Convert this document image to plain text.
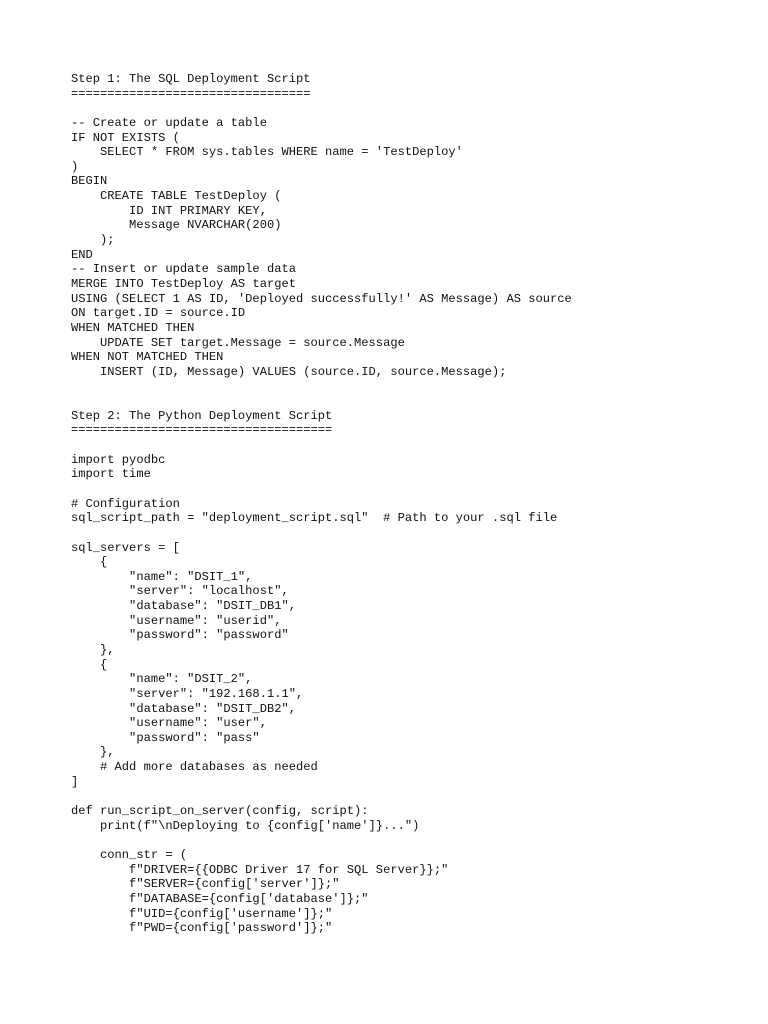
Step 1: The SQL Deployment Script
=================================
-- Create or update a table
IF NOT EXISTS (
SELECT * FROM sys.tables WHERE name = 'TestDeploy'
)
BEGIN
CREATE TABLE TestDeploy (
ID INT PRIMARY KEY,
Message NVARCHAR(200)
);
END
-- Insert or update sample data
MERGE INTO TestDeploy AS target
USING (SELECT 1 AS ID, 'Deployed successfully!' AS Message) AS source
ON target.ID = source.ID
WHEN MATCHED THEN
UPDATE SET target.Message = source.Message
WHEN NOT MATCHED THEN
INSERT (ID, Message) VALUES (source.ID, source.Message);
Step 2: The Python Deployment Script
====================================
import pyodbc
import time
# Configuration
sql_script_path = "deployment_script.sql"  # Path to your .sql file
sql_servers = [
{
"name": "DSIT_1",
"server": "localhost",
"database": "DSIT_DB1",
"username": "userid",
"password": "password"
},
{
"name": "DSIT_2",
"server": "192.168.1.1",
"database": "DSIT_DB2",
"username": "user",
"password": "pass"
},
# Add more databases as needed
]
def run_script_on_server(config, script):
print(f"\nDeploying to {config['name']}...")
conn_str = (
f"DRIVER={{ODBC Driver 17 for SQL Server}};"
f"SERVER={config['server']};"
f"DATABASE={config['database']};"
f"UID={config['username']};"
f"PWD={config['password']};"
